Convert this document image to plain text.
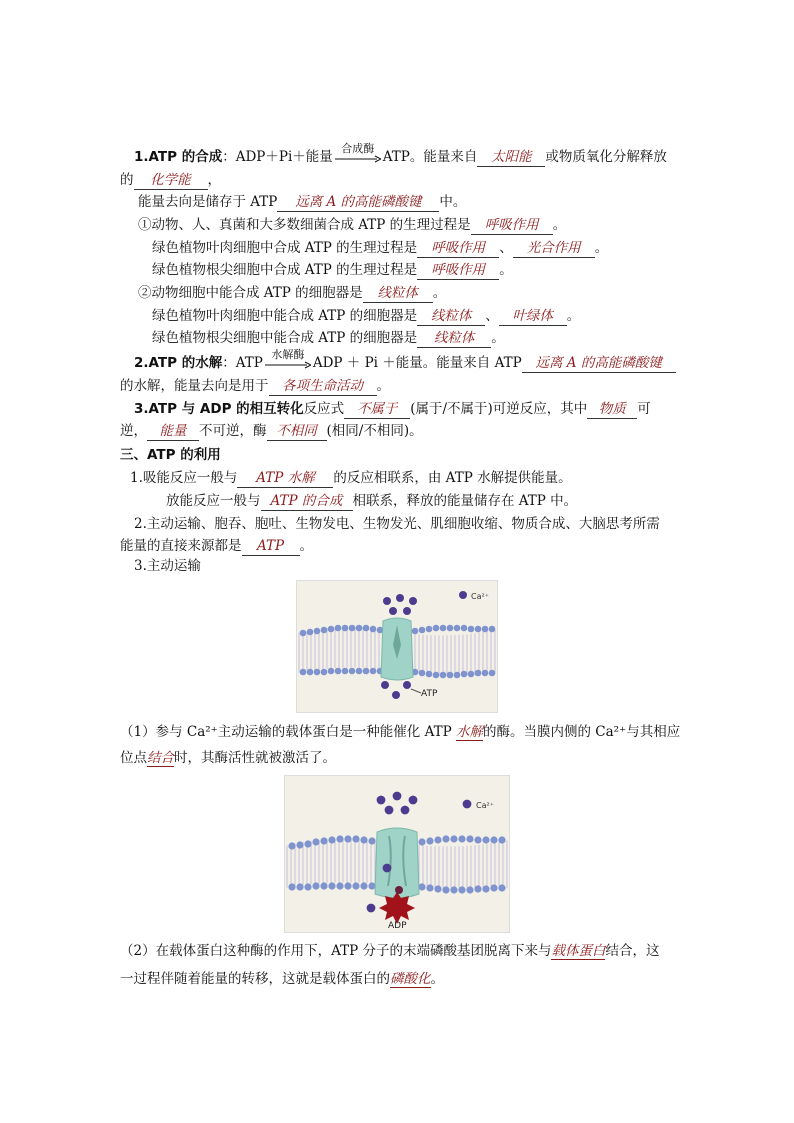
1.ATP 的合成：ADP＋Pi＋能量
合成酶
ATP。能量来自 太阳能 或物质氧化分解释放
的 化学能 ，
能量去向是储存于 ATP 远离 A 的高能磷酸键 中。
①动物、人、真菌和大多数细菌合成 ATP 的生理过程是 呼吸作用 。
绿色植物叶肉细胞中合成 ATP 的生理过程是 呼吸作用 、 光合作用 。
绿色植物根尖细胞中合成 ATP 的生理过程是 呼吸作用 。
②动物细胞中能合成 ATP 的细胞器是 线粒体 。
绿色植物叶肉细胞中能合成 ATP 的细胞器是 线粒体 、 叶绿体 。
绿色植物根尖细胞中能合成 ATP 的细胞器是 线粒体 。
2.ATP 的水解：ATP
水解酶
ADP ＋ Pi ＋能量。能量来自 ATP 远离 A 的高能磷酸键
的水解，能量去向是用于 各项生命活动 。
3.ATP 与 ADP 的相互转化反应式 不属于 (属于/不属于)可逆反应，其中 物质 可
逆， 能量 不可逆，酶 不相同 (相同/不相同)。
三、ATP 的利用
1.吸能反应一般与 ATP 水解 的反应相联系，由 ATP 水解提供能量。
放能反应一般与 ATP 的合成 相联系，释放的能量储存在 ATP 中。
2.主动运输、胞吞、胞吐、生物发电、生物发光、肌细胞收缩、物质合成、大脑思考所需
能量的直接来源都是 ATP 。
3.主动运输
Ca²⁺
ATP
（1）参与 Ca²⁺主动运输的载体蛋白是一种能催化 ATP 水解的酶。当膜内侧的 Ca²⁺与其相应
位点结合时，其酶活性就被激活了。
ADP
Ca²⁺
（2）在载体蛋白这种酶的作用下，ATP 分子的末端磷酸基团脱离下来与载体蛋白结合，这
一过程伴随着能量的转移，这就是载体蛋白的磷酸化。
